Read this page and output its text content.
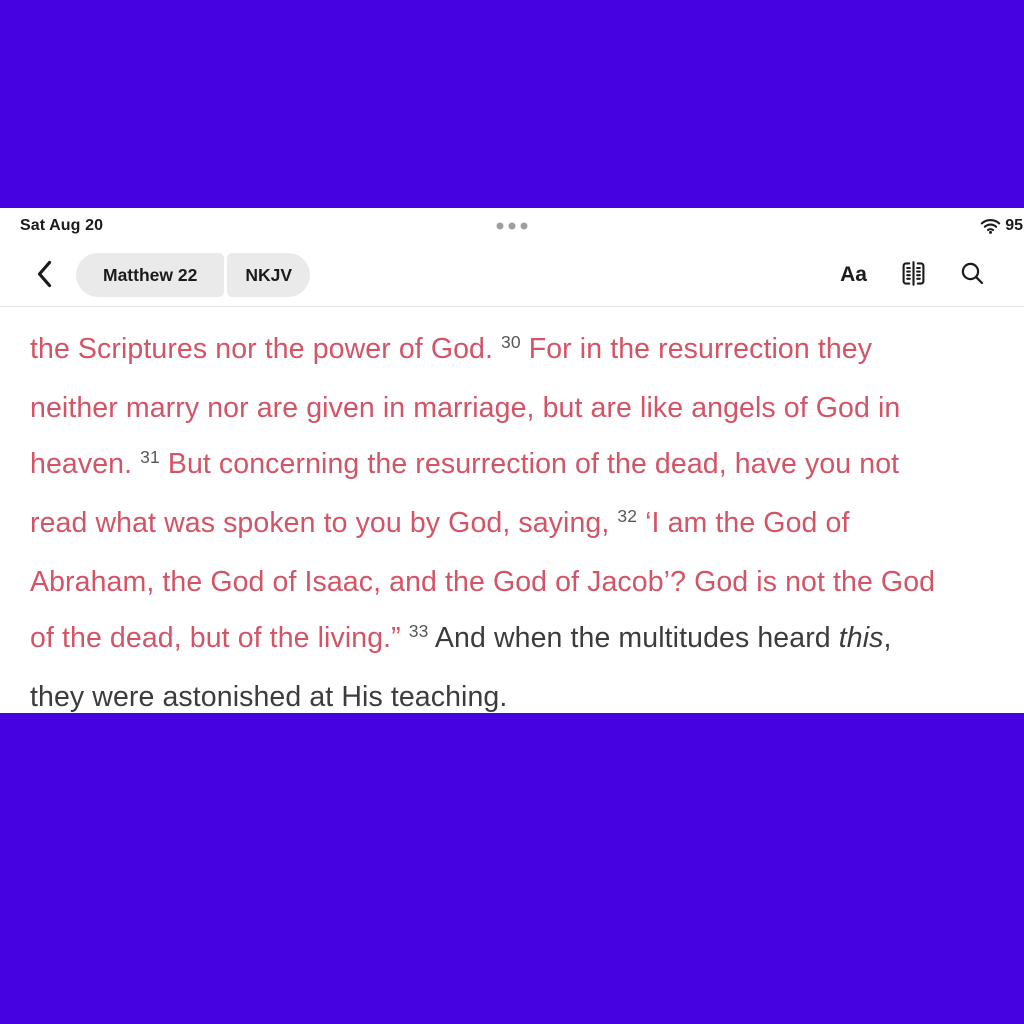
Sat Aug 20	95
Matthew 22	NKJV	Aa
the Scriptures nor the power of God. $^{30}$ For in the resurrection they
neither marry nor are given in marriage, but are like angels of God in
heaven. $^{31}$ But concerning the resurrection of the dead, have you not
read what was spoken to you by God, saying, $^{32}$ ‘I am the God of
Abraham, the God of Isaac, and the God of Jacob’? God is not the God
of the dead, but of the living.” $^{33}$ And when the multitudes heard this,
they were astonished at His teaching.
